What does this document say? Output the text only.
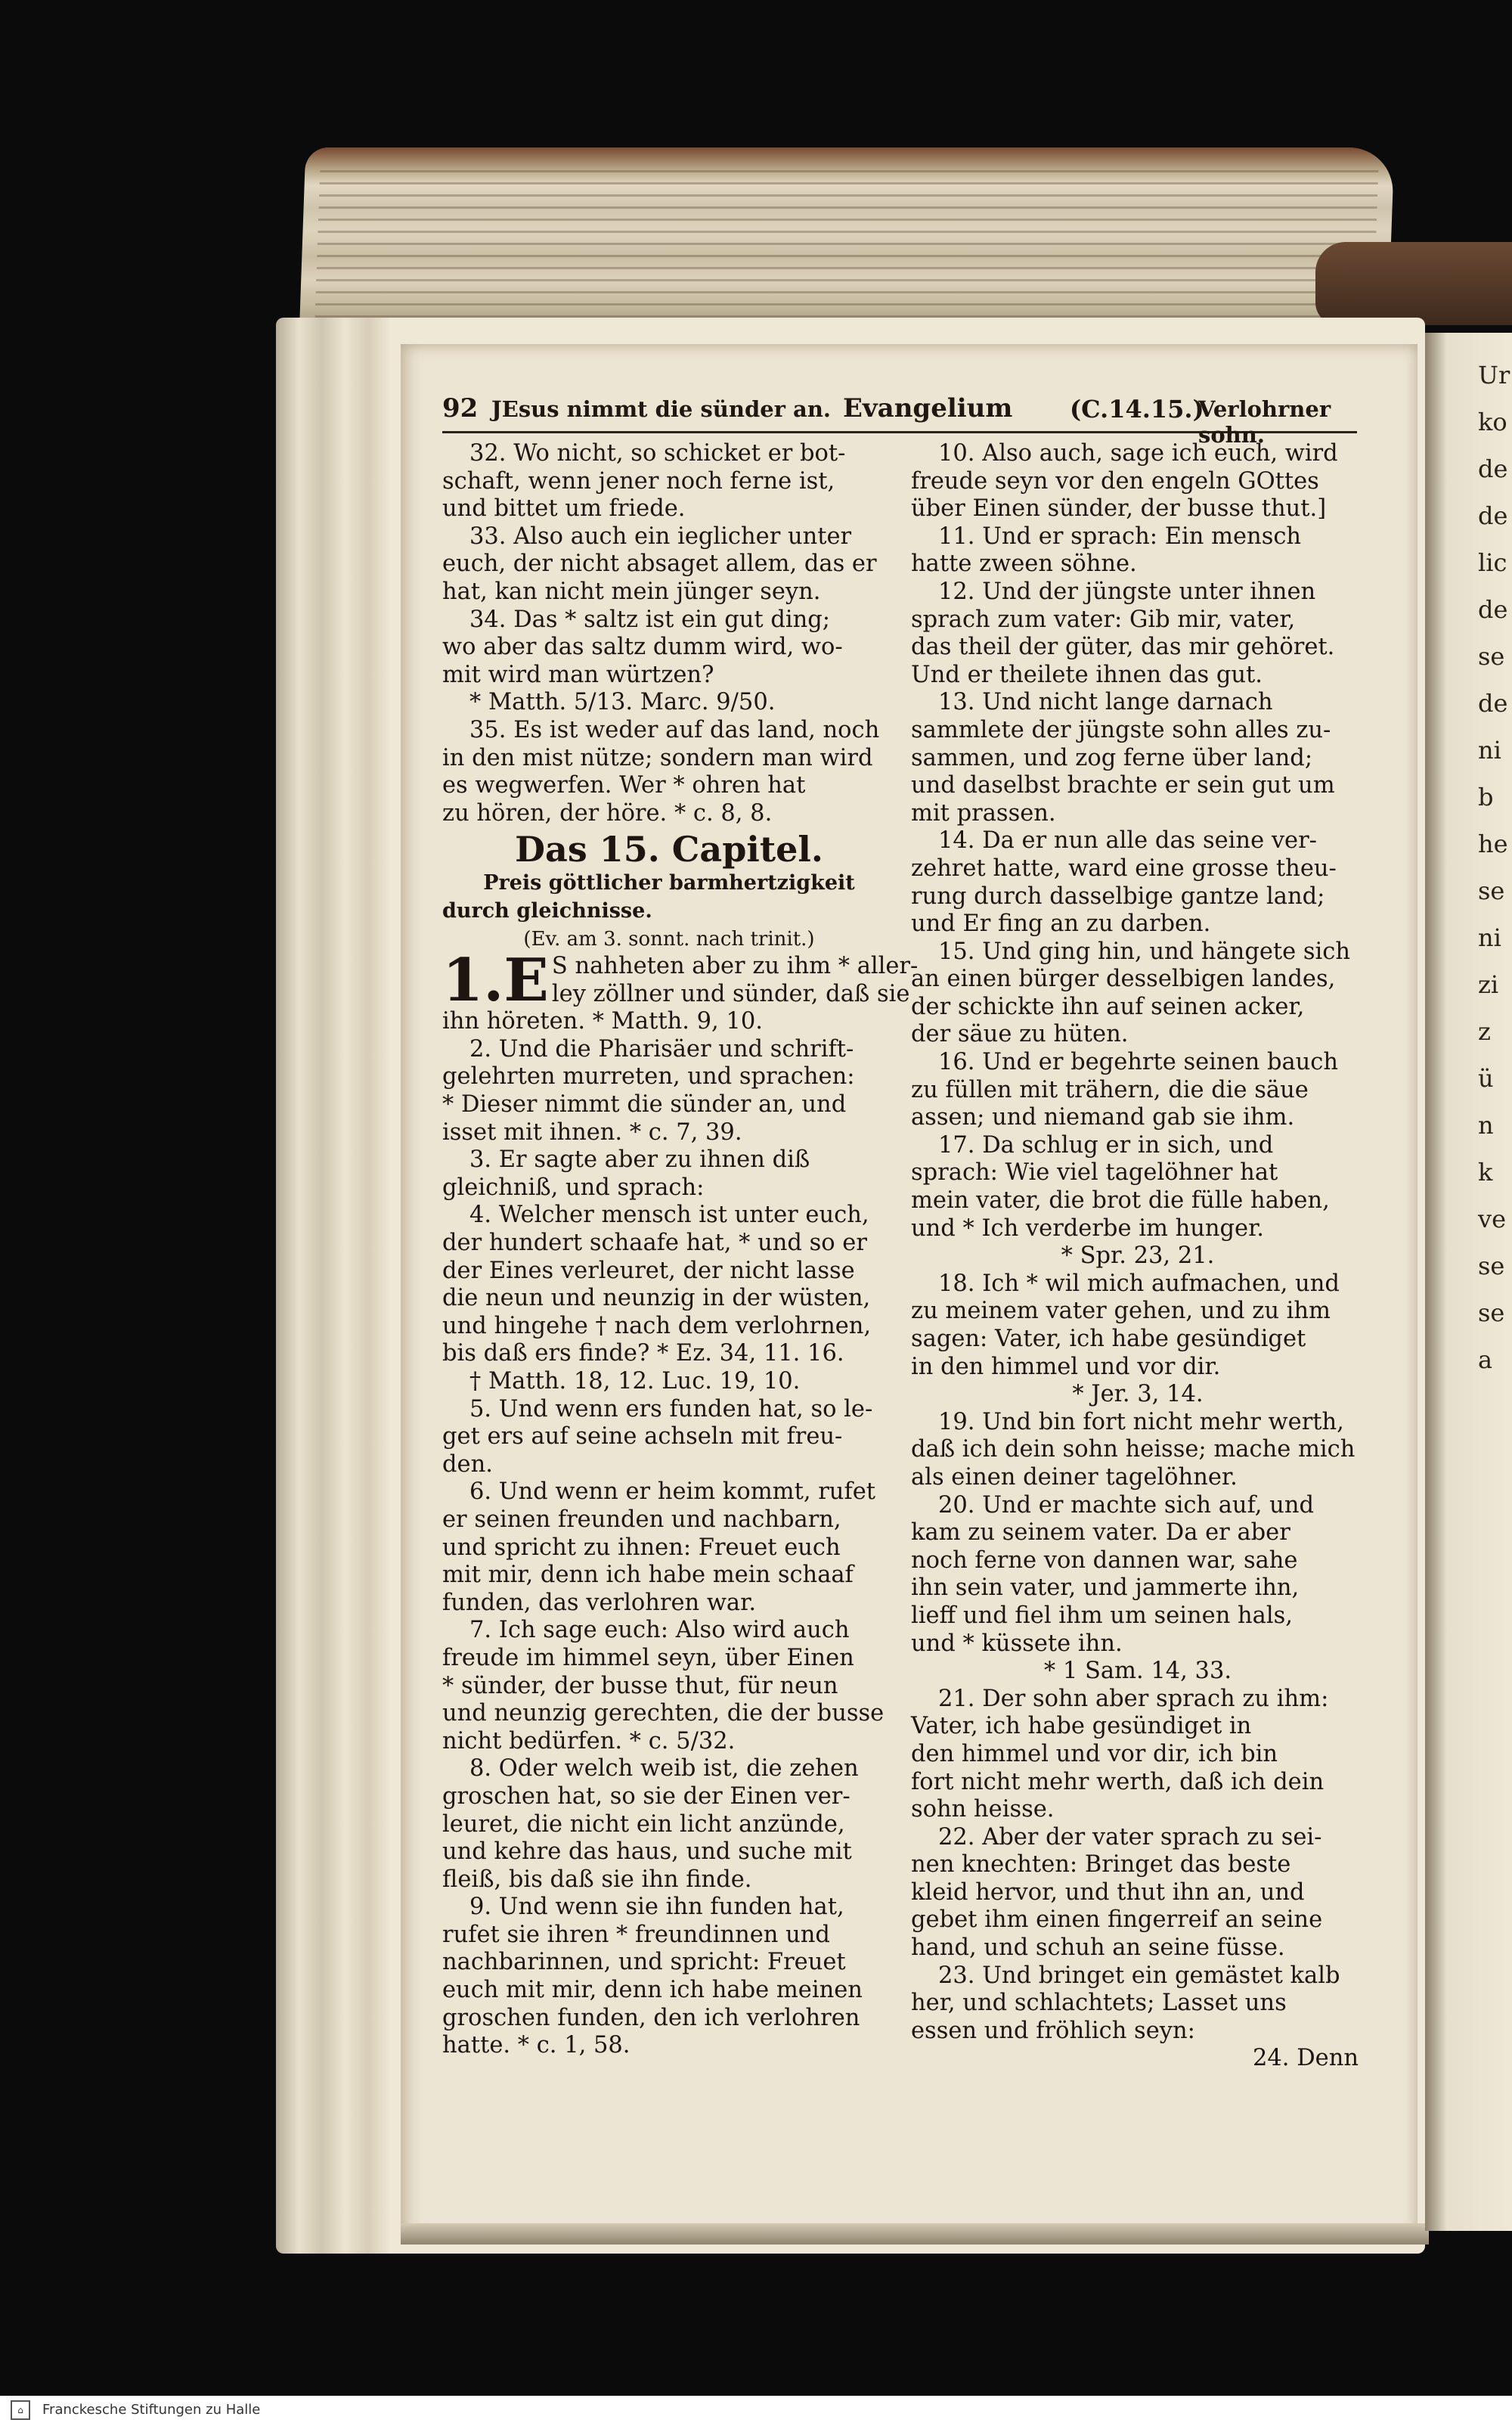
Ur
ko
de
de
lic
de
se
de
ni
b
he
se
ni
zi
z
ü
n
k
ve
se
se
a
92 JEsus nimmt die sünder an. Evangelium (C.14.15.)
Verlohrner sohn.
32. Wo nicht, so schicket er bot-
schaft, wenn jener noch ferne ist,
und bittet um friede.
33. Also auch ein ieglicher unter
euch, der nicht absaget allem, das er
hat, kan nicht mein jünger seyn.
34. Das * saltz ist ein gut ding;
wo aber das saltz dumm wird, wo-
mit wird man würtzen?
* Matth. 5/13. Marc. 9/50.
35. Es ist weder auf das land, noch
in den mist nütze; sondern man wird
es wegwerfen. Wer * ohren hat
zu hören, der höre. * c. 8, 8.
Das 15. Capitel.
Preis göttlicher barmhertzigkeit
durch gleichnisse.
(Ev. am 3. sonnt. nach trinit.)
1.E S nahheten aber zu ihm * aller-
ley zöllner und sünder, daß sie
ihn höreten. * Matth. 9, 10.
2. Und die Pharisäer und schrift-
gelehrten murreten, und sprachen:
* Dieser nimmt die sünder an, und
isset mit ihnen. * c. 7, 39.
3. Er sagte aber zu ihnen diß
gleichniß, und sprach:
4. Welcher mensch ist unter euch,
der hundert schaafe hat, * und so er
der Eines verleuret, der nicht lasse
die neun und neunzig in der wüsten,
und hingehe † nach dem verlohrnen,
bis daß ers finde? * Ez. 34, 11. 16.
† Matth. 18, 12. Luc. 19, 10.
5. Und wenn ers funden hat, so le-
get ers auf seine achseln mit freu-
den.
6. Und wenn er heim kommt, rufet
er seinen freunden und nachbarn,
und spricht zu ihnen: Freuet euch
mit mir, denn ich habe mein schaaf
funden, das verlohren war.
7. Ich sage euch: Also wird auch
freude im himmel seyn, über Einen
* sünder, der busse thut, für neun
und neunzig gerechten, die der busse
nicht bedürfen. * c. 5/32.
8. Oder welch weib ist, die zehen
groschen hat, so sie der Einen ver-
leuret, die nicht ein licht anzünde,
und kehre das haus, und suche mit
fleiß, bis daß sie ihn finde.
9. Und wenn sie ihn funden hat,
rufet sie ihren * freundinnen und
nachbarinnen, und spricht: Freuet
euch mit mir, denn ich habe meinen
groschen funden, den ich verlohren
hatte. * c. 1, 58.
10. Also auch, sage ich euch, wird
freude seyn vor den engeln GOttes
über Einen sünder, der busse thut.]
11. Und er sprach: Ein mensch
hatte zween söhne.
12. Und der jüngste unter ihnen
sprach zum vater: Gib mir, vater,
das theil der güter, das mir gehöret.
Und er theilete ihnen das gut.
13. Und nicht lange darnach
sammlete der jüngste sohn alles zu-
sammen, und zog ferne über land;
und daselbst brachte er sein gut um
mit prassen.
14. Da er nun alle das seine ver-
zehret hatte, ward eine grosse theu-
rung durch dasselbige gantze land;
und Er fing an zu darben.
15. Und ging hin, und hängete sich
an einen bürger desselbigen landes,
der schickte ihn auf seinen acker,
der säue zu hüten.
16. Und er begehrte seinen bauch
zu füllen mit trähern, die die säue
assen; und niemand gab sie ihm.
17. Da schlug er in sich, und
sprach: Wie viel tagelöhner hat
mein vater, die brot die fülle haben,
und * Ich verderbe im hunger.
* Spr. 23, 21.
18. Ich * wil mich aufmachen, und
zu meinem vater gehen, und zu ihm
sagen: Vater, ich habe gesündiget
in den himmel und vor dir.
* Jer. 3, 14.
19. Und bin fort nicht mehr werth,
daß ich dein sohn heisse; mache mich
als einen deiner tagelöhner.
20. Und er machte sich auf, und
kam zu seinem vater. Da er aber
noch ferne von dannen war, sahe
ihn sein vater, und jammerte ihn,
lieff und fiel ihm um seinen hals,
und * küssete ihn.
* 1 Sam. 14, 33.
21. Der sohn aber sprach zu ihm:
Vater, ich habe gesündiget in
den himmel und vor dir, ich bin
fort nicht mehr werth, daß ich dein
sohn heisse.
22. Aber der vater sprach zu sei-
nen knechten: Bringet das beste
kleid hervor, und thut ihn an, und
gebet ihm einen fingerreif an seine
hand, und schuh an seine füsse.
23. Und bringet ein gemästet kalb
her, und schlachtets; Lasset uns
essen und fröhlich seyn:
24. Denn
⌂	Franckesche Stiftungen zu Halle
